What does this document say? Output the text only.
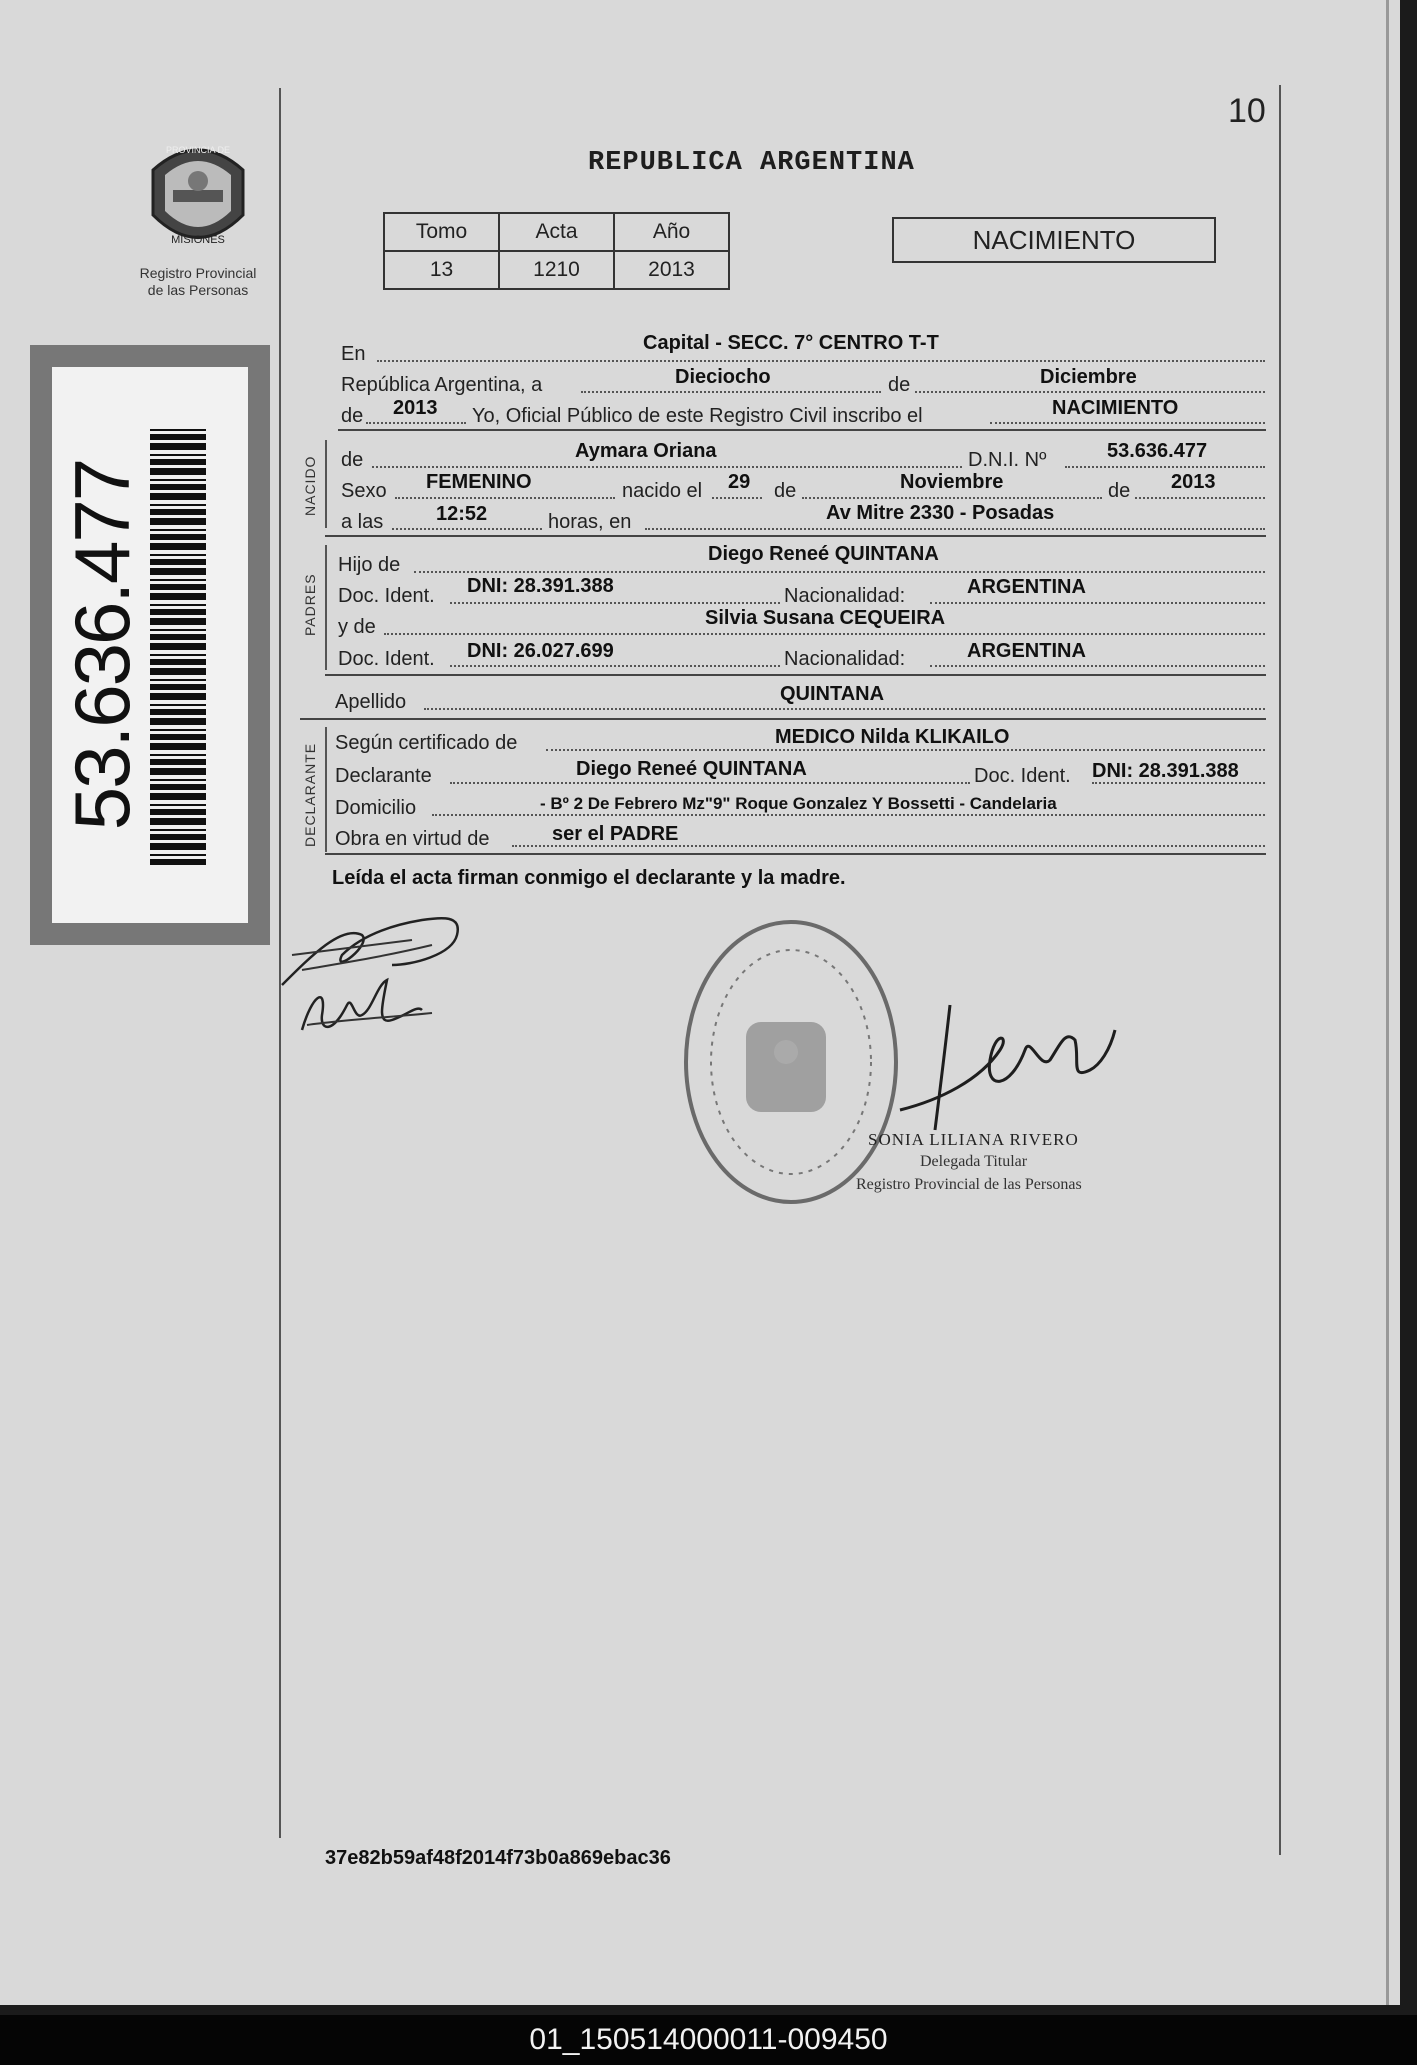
10
REPUBLICA ARGENTINA
PROVINCIA DE
MISIONES
Registro Provincial
de las Personas
53.636.477
Tomo	Acta	Año
13	1210	2013
NACIMIENTO
En	Capital - SECC. 7° CENTRO T-T
República Argentina, a	Dieciocho	de	Diciembre
de 2013 Yo, Oficial Público de este Registro Civil inscribo el	NACIMIENTO
NACIDO de	Aymara Oriana	D.N.I. Nº	53.636.477
Sexo FEMENINO	nacido el 29 de	Noviembre	de 2013
a las	12:52	horas, en	Av Mitre 2330 - Posadas
PADRES
Hijo de	Diego Reneé QUINTANA
Doc. Ident. DNI: 28.391.388	Nacionalidad:	ARGENTINA
y de	Silvia Susana CEQUEIRA
Doc. Ident. DNI: 26.027.699	Nacionalidad:	ARGENTINA
Apellido	QUINTANA
DECLARANTE Según certificado de	MEDICO Nilda KLIKAILO
Declarante	Diego Reneé QUINTANA	Doc. Ident. DNI: 28.391.388
Domicilio	- Bº 2 De Febrero Mz"9" Roque Gonzalez Y Bossetti - Candelaria
Obra en virtud de	ser el PADRE
Leída el acta firman conmigo el declarante y la madre.
SONIA LILIANA RIVERO
Delegada Titular
Registro Provincial de las Personas
37e82b59af48f2014f73b0a869ebac36
01_150514000011-009450
